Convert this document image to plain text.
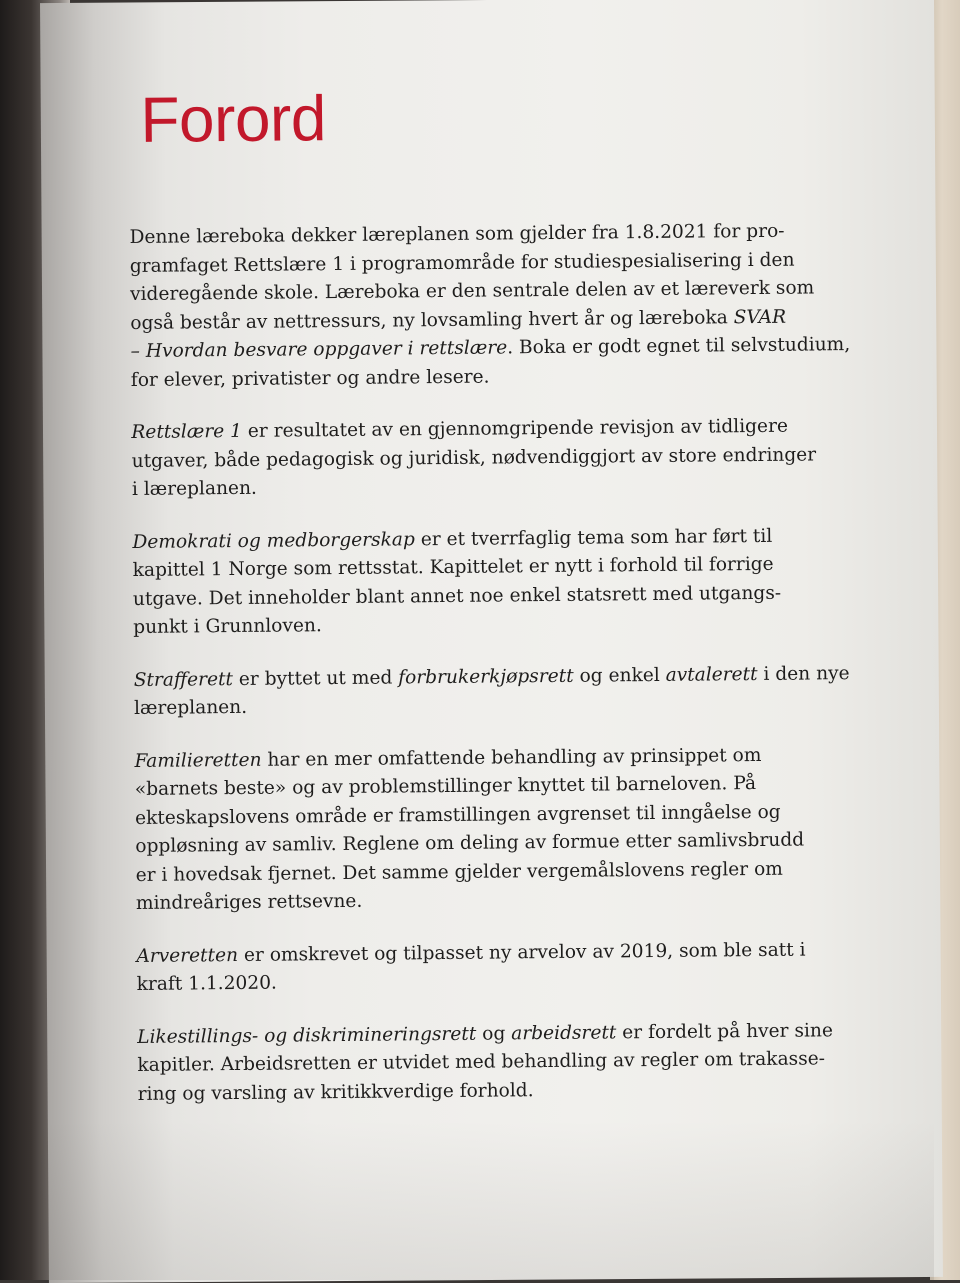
Forord
Denne læreboka dekker læreplanen som gjelder fra 1.8.2021 for pro-
gramfaget Rettslære 1 i programområde for studiespesialisering i den
videregående skole. Læreboka er den sentrale delen av et læreverk som
også består av nettressurs, ny lovsamling hvert år og læreboka SVAR
– Hvordan besvare oppgaver i rettslære. Boka er godt egnet til selvstudium,
for elever, privatister og andre lesere.
Rettslære 1 er resultatet av en gjennomgripende revisjon av tidligere
utgaver, både pedagogisk og juridisk, nødvendiggjort av store endringer
i læreplanen.
Demokrati og medborgerskap er et tverrfaglig tema som har ført til
kapittel 1 Norge som rettsstat. Kapittelet er nytt i forhold til forrige
utgave. Det inneholder blant annet noe enkel statsrett med utgangs-
punkt i Grunnloven.
Strafferett er byttet ut med forbrukerkjøpsrett og enkel avtalerett i den nye
læreplanen.
Familieretten har en mer omfattende behandling av prinsippet om
«barnets beste» og av problemstillinger knyttet til barneloven. På
ekteskapslovens område er framstillingen avgrenset til inngåelse og
oppløsning av samliv. Reglene om deling av formue etter samlivsbrudd
er i hovedsak fjernet. Det samme gjelder vergemålslovens regler om
mindreåriges rettsevne.
Arveretten er omskrevet og tilpasset ny arvelov av 2019, som ble satt i
kraft 1.1.2020.
Likestillings- og diskrimineringsrett og arbeidsrett er fordelt på hver sine
kapitler. Arbeidsretten er utvidet med behandling av regler om trakasse-
ring og varsling av kritikkverdige forhold.
